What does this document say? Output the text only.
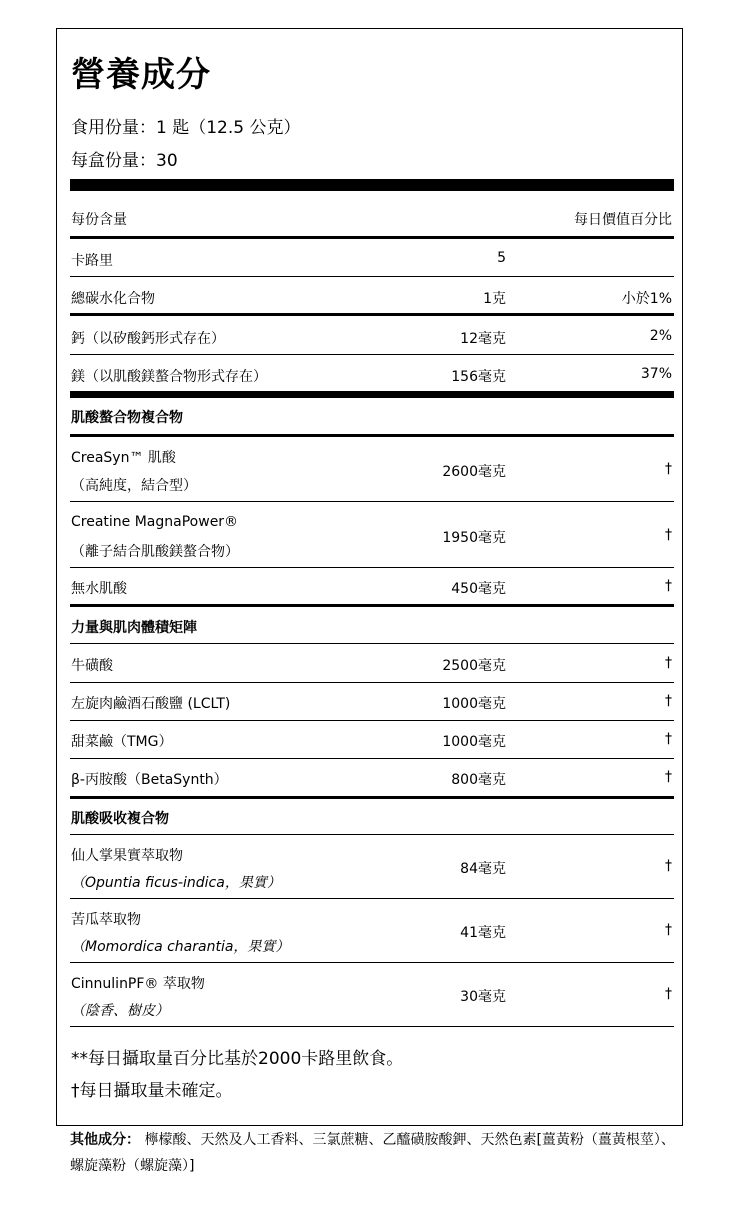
營養成分
食用份量：1 匙（12.5 公克）
每盒份量：30
每份含量	每日價值百分比
卡路里	5
總碳水化合物	1克	小於1%
鈣（以矽酸鈣形式存在）	12毫克	2%
鎂（以肌酸鎂螯合物形式存在）	156毫克	37%
肌酸螯合物複合物
CreaSyn™ 肌酸
（高純度，結合型）
2600毫克	†
Creatine MagnaPower®
（離子結合肌酸鎂螯合物）
1950毫克	†
無水肌酸	450毫克	†
力量與肌肉體積矩陣
牛磺酸	2500毫克	†
左旋肉鹼酒石酸鹽 (LCLT)	1000毫克	†
甜菜鹼（TMG）	1000毫克	†
β-丙胺酸（BetaSynth）	800毫克	†
肌酸吸收複合物
仙人掌果實萃取物
（Opuntia ficus-indica，果實）
84毫克	†
苦瓜萃取物
（Momordica charantia，果實）
41毫克	†
CinnulinPF® 萃取物
（陰香、樹皮）
30毫克	†
**每日攝取量百分比基於2000卡路里飲食。
†每日攝取量未確定。
其他成分： 檸檬酸、天然及人工香料、三氯蔗糖、乙醯磺胺酸鉀、天然色素[薑黃粉（薑黃根莖）、螺旋藻粉（螺旋藻）]
